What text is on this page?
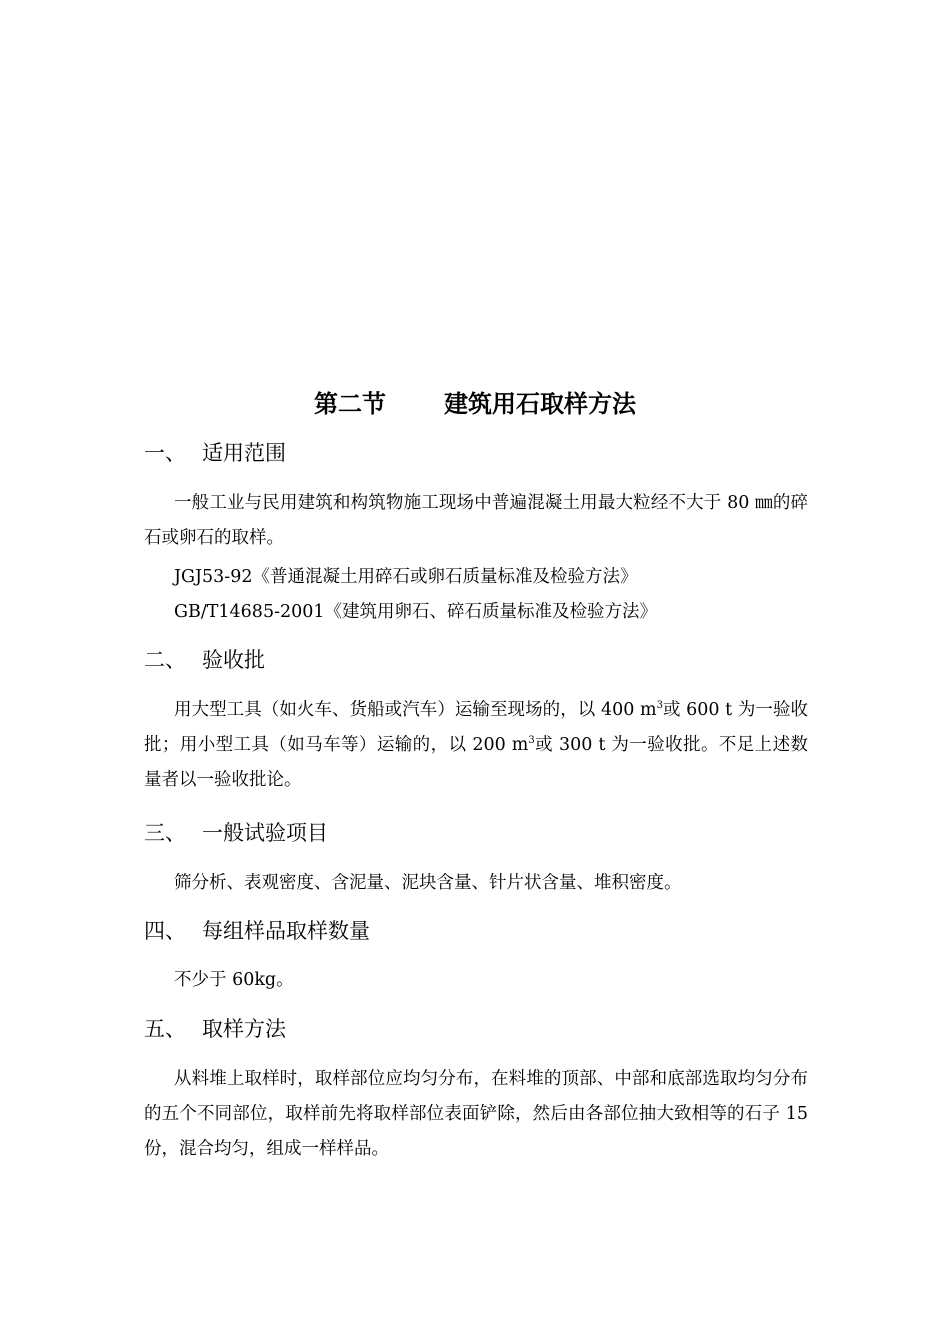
第二节 建筑用石取样方法
一、 适用范围
一般工业与民用建筑和构筑物施工现场中普遍混凝土用最大粒经不大于 80 ㎜的碎石或卵石的取样。
JGJ53-92《普通混凝土用碎石或卵石质量标准及检验方法》
GB/T14685-2001《建筑用卵石、碎石质量标准及检验方法》
二、 验收批
用大型工具（如火车、货船或汽车）运输至现场的，以 400 $m^3$或 600 t 为一验收批；用小型工具（如马车等）运输的，以 200 $m^3$或 300 t 为一验收批。不足上述数量者以一验收批论。
三、 一般试验项目
筛分析、表观密度、含泥量、泥块含量、针片状含量、堆积密度。
四、 每组样品取样数量
不少于 60kg。
五、 取样方法
从料堆上取样时，取样部位应均匀分布，在料堆的顶部、中部和底部选取均匀分布的五个不同部位，取样前先将取样部位表面铲除，然后由各部位抽大致相等的石子 15 份，混合均匀，组成一样样品。
